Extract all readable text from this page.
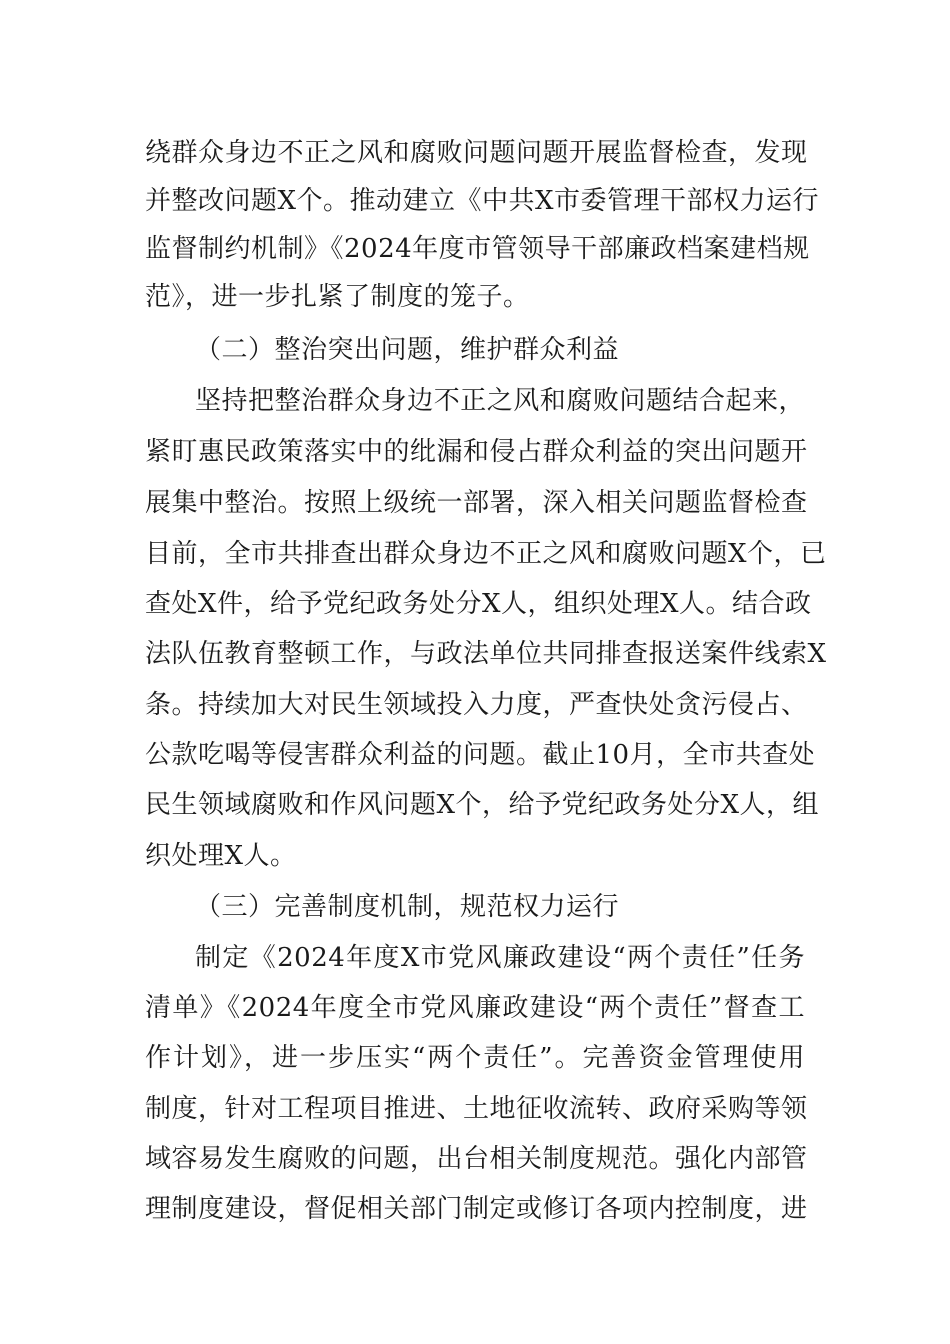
绕群众身边不正之风和腐败问题问题开展监督检查，发现
并整改问题X个。推动建立《中共X市委管理干部权力运行
监督制约机制》《2024年度市管领导干部廉政档案建档规
范》，进一步扎紧了制度的笼子。
（二）整治突出问题，维护群众利益
坚持把整治群众身边不正之风和腐败问题结合起来，
紧盯惠民政策落实中的纰漏和侵占群众利益的突出问题开
展集中整治。按照上级统一部署，深入相关问题监督检查
目前，全市共排查出群众身边不正之风和腐败问题X个，已
查处X件，给予党纪政务处分X人，组织处理X人。结合政
法队伍教育整顿工作，与政法单位共同排查报送案件线索X
条。持续加大对民生领域投入力度，严查快处贪污侵占、
公款吃喝等侵害群众利益的问题。截止10月，全市共查处
民生领域腐败和作风问题X个，给予党纪政务处分X人，组
织处理X人。
（三）完善制度机制，规范权力运行
制定《2024年度X市党风廉政建设“两个责任”任务
清单》《2024年度全市党风廉政建设“两个责任”督查工
作计划》，进一步压实“两个责任”。完善资金管理使用
制度，针对工程项目推进、土地征收流转、政府采购等领
域容易发生腐败的问题，出台相关制度规范。强化内部管
理制度建设，督促相关部门制定或修订各项内控制度，进
